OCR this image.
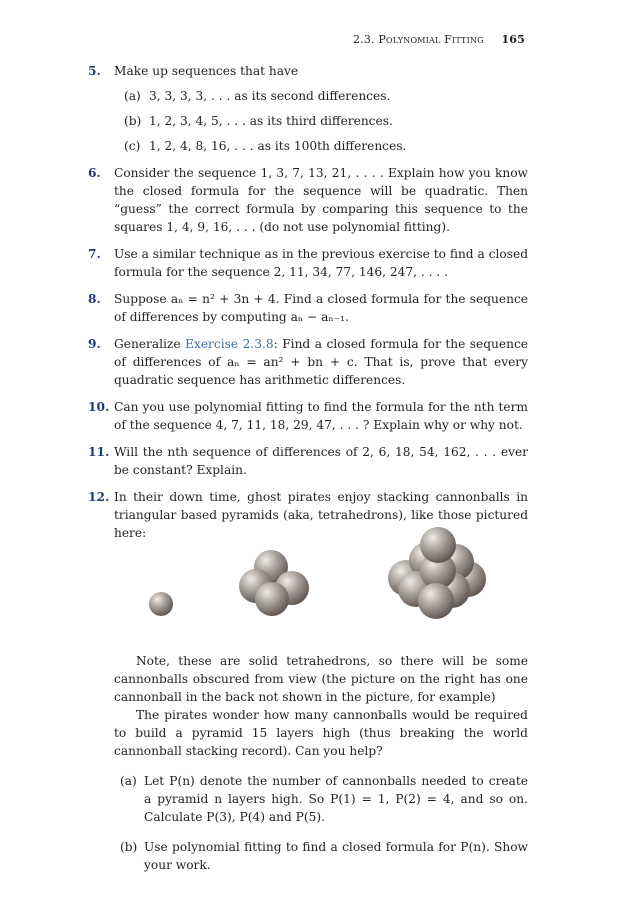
2.3. Polynomial Fitting 165
5. Make up sequences that have
(a) 3, 3, 3, 3, . . . as its second differences.
(b) 1, 2, 3, 4, 5, . . . as its third differences.
(c) 1, 2, 4, 8, 16, . . . as its 100th differences.
6. Consider the sequence 1, 3, 7, 13, 21, . . . . Explain how you know the closed formula for the sequence will be quadratic. Then “guess” the correct formula by comparing this sequence to the squares 1, 4, 9, 16, . . . (do not use polynomial fitting).
7. Use a similar technique as in the previous exercise to find a closed formula for the sequence 2, 11, 34, 77, 146, 247, . . . .
8. Suppose aₙ = n² + 3n + 4. Find a closed formula for the sequence of differences by computing aₙ − aₙ₋₁.
9. Generalize Exercise 2.3.8: Find a closed formula for the sequence of differences of aₙ = an² + bn + c. That is, prove that every quadratic sequence has arithmetic differences.
10. Can you use polynomial fitting to find the formula for the nth term of the sequence 4, 7, 11, 18, 29, 47, . . . ? Explain why or why not.
11. Will the nth sequence of differences of 2, 6, 18, 54, 162, . . . ever be constant? Explain.
12. In their down time, ghost pirates enjoy stacking cannonballs in triangular based pyramids (aka, tetrahedrons), like those pictured here:
Note, these are solid tetrahedrons, so there will be some cannonballs obscured from view (the picture on the right has one cannonball in the back not shown in the picture, for example)
The pirates wonder how many cannonballs would be required to build a pyramid 15 layers high (thus breaking the world cannonball stacking record). Can you help?
(a) Let P(n) denote the number of cannonballs needed to create a pyramid n layers high. So P(1) = 1, P(2) = 4, and so on. Calculate P(3), P(4) and P(5).
(b) Use polynomial fitting to find a closed formula for P(n). Show your work.
